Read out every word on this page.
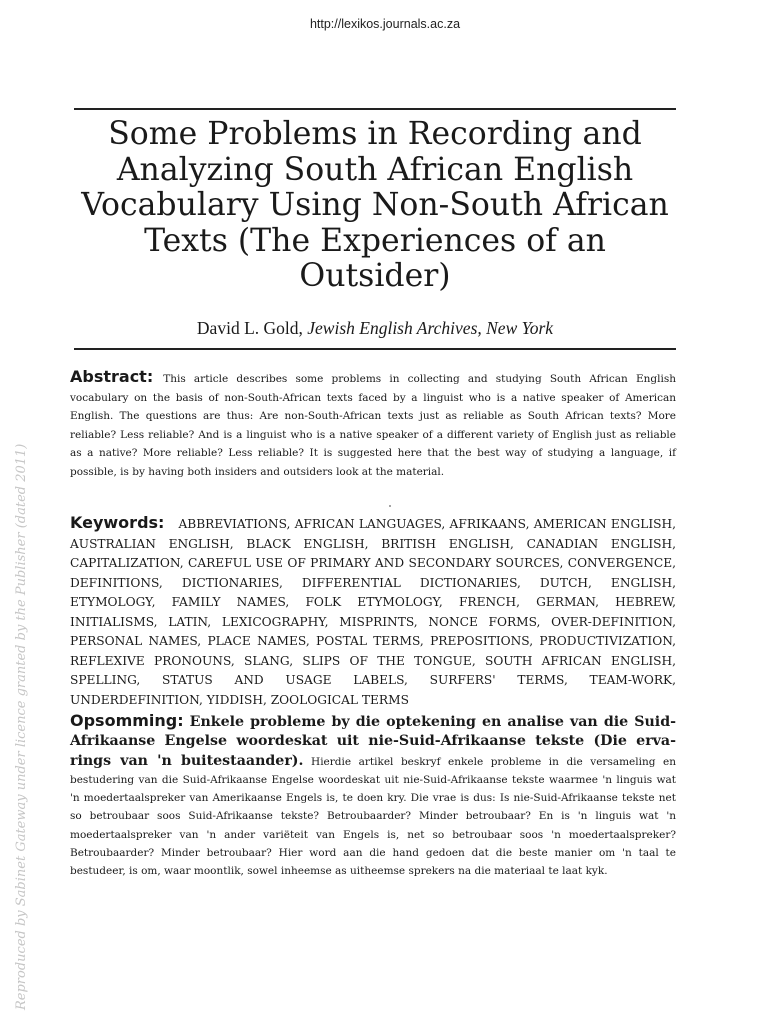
http://lexikos.journals.ac.za
Some Problems in Recording and Analyzing South African English Vocabulary Using Non-South African Texts (The Experiences of an Outsider)
David L. Gold, Jewish English Archives, New York

Abstract: This article describes some problems in collecting and studying South African English vocabulary on the basis of non-South-African texts faced by a linguist who is a native speaker of American English. The questions are thus: Are non-South-African texts just as reliable as South African texts? More reliable? Less reliable? And is a linguist who is a native speaker of a different variety of English just as reliable as a native? More reliable? Less reliable? It is suggested here that the best way of studying a language, if possible, is by having both insiders and outsiders look at the material.

Keywords: ABBREVIATIONS, AFRICAN LANGUAGES, AFRIKAANS, AMERICAN ENGLISH, AUSTRALIAN ENGLISH, BLACK ENGLISH, BRITISH ENGLISH, CANADIAN ENGLISH, CAPITALIZATION, CAREFUL USE OF PRIMARY AND SECONDARY SOURCES, CONVERGENCE, DEFINITIONS, DICTIONARIES, DIFFERENTIAL DICTIONARIES, DUTCH, ENGLISH, ETYMOLOGY, FAMILY NAMES, FOLK ETYMOLOGY, FRENCH, GERMAN, HEBREW, INITIALISMS, LATIN, LEXICOGRAPHY, MISPRINTS, NONCE FORMS, OVER-DEFINITION, PERSONAL NAMES, PLACE NAMES, POSTAL TERMS, PREPOSITIONS, PRODUCTIVIZATION, REFLEXIVE PRONOUNS, SLANG, SLIPS OF THE TONGUE, SOUTH AFRICAN ENGLISH, SPELLING, STATUS AND USAGE LABELS, SURFERS' TERMS, TEAM-WORK, UNDERDEFINITION, YIDDISH, ZOOLOGICAL TERMS

Opsomming: Enkele probleme by die optekening en analise van die Suid-Afrikaanse Engelse woordeskat uit nie-Suid-Afrikaanse tekste (Die erva-rings van 'n buitestaander). Hierdie artikel beskryf enkele probleme in die versameling en bestudering van die Suid-Afrikaanse Engelse woordeskat uit nie-Suid-Afrikaanse tekste waarmee 'n linguis wat 'n moedertaalspreker van Amerikaanse Engels is, te doen kry. Die vrae is dus: Is nie-Suid-Afrikaanse tekste net so betroubaar soos Suid-Afrikaanse tekste? Betroubaarder? Minder betroubaar? En is 'n linguis wat 'n moedertaalspreker van 'n ander variëteit van Engels is, net so betroubaar soos 'n moedertaalspreker? Betroubaarder? Minder betroubaar? Hier word aan die hand gedoen dat die beste manier om 'n taal te bestudeer, is om, waar moontlik, sowel inheemse as uitheemse sprekers na die materiaal te laat kyk.

Reproduced by Sabinet Gateway under licence granted by the Publisher (dated 2011)
